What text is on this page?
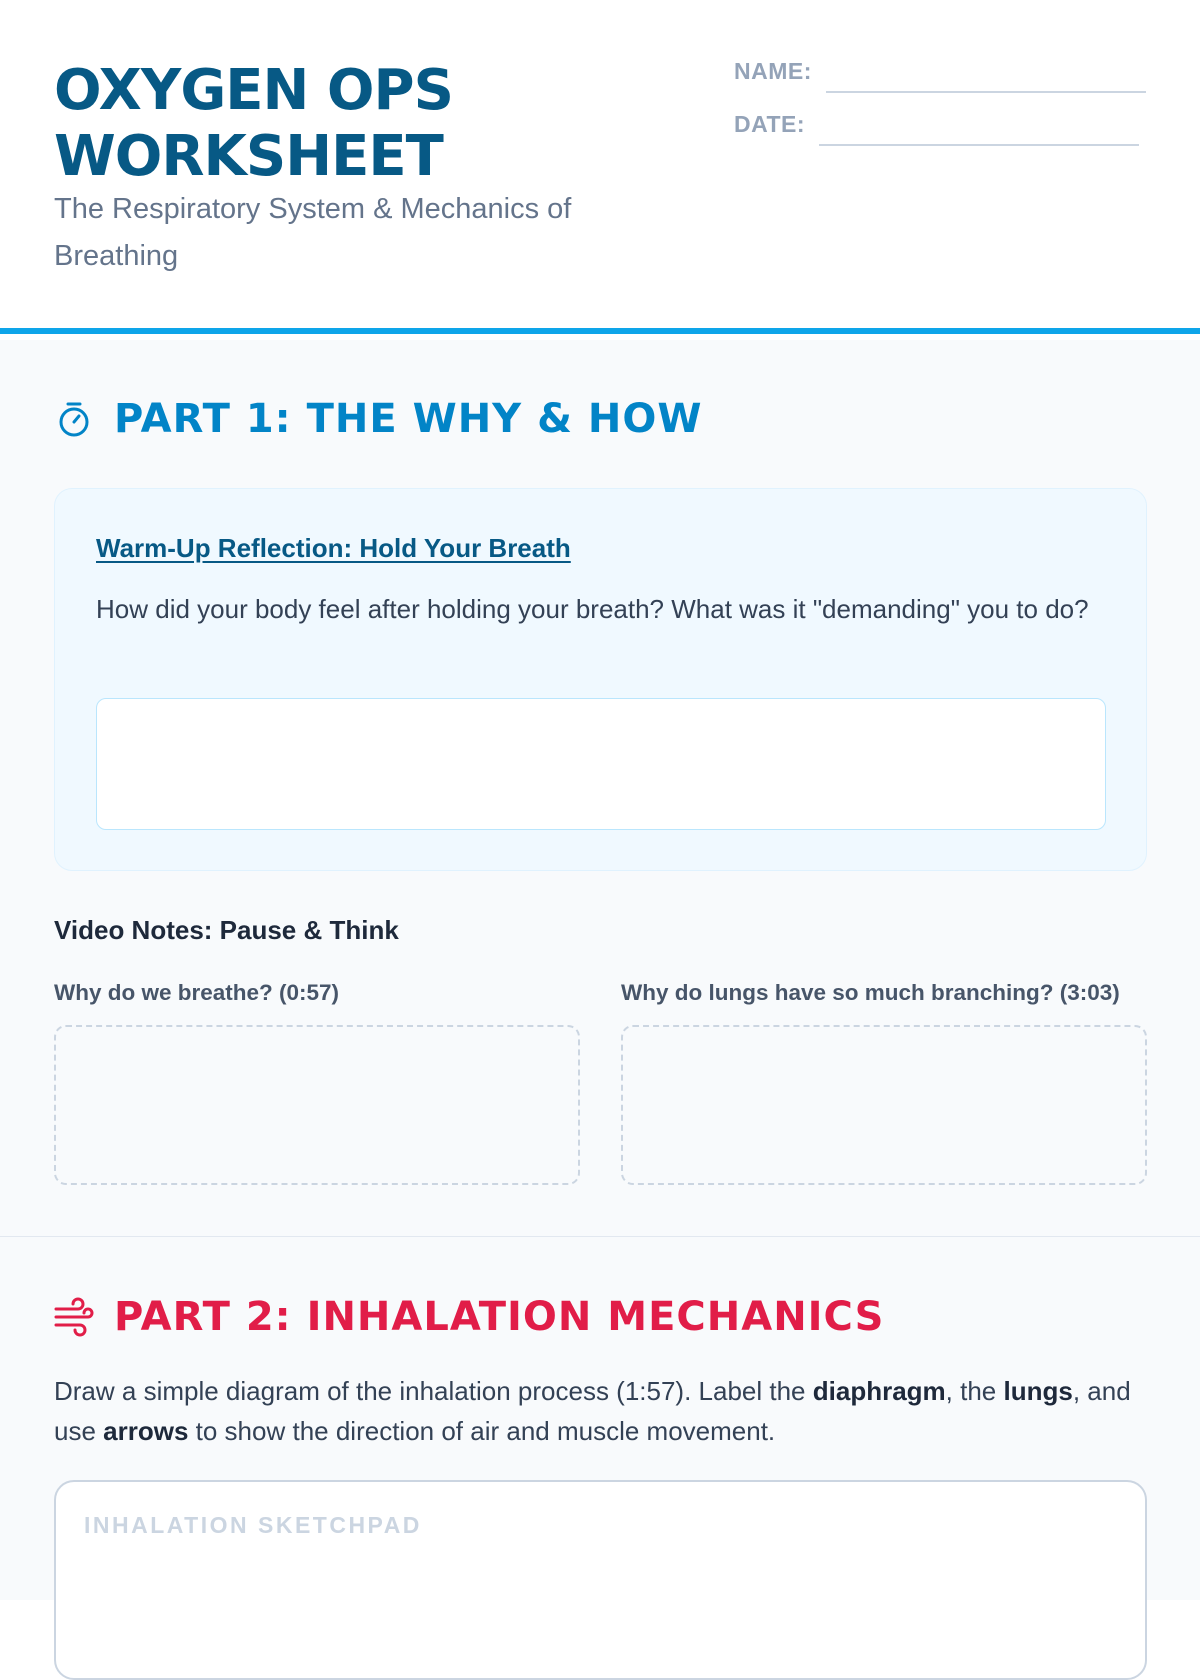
OXYGEN OPS WORKSHEET
The Respiratory System & Mechanics of Breathing
NAME:
DATE:
PART 1: THE WHY & HOW
Warm-Up Reflection: Hold Your Breath
How did your body feel after holding your breath? What was it "demanding" you to do?
Video Notes: Pause & Think
Why do we breathe? (0:57)	Why do lungs have so much branching? (3:03)
PART 2: INHALATION MECHANICS
Draw a simple diagram of the inhalation process (1:57). Label the diaphragm, the lungs, and use arrows to show the direction of air and muscle movement.
INHALATION SKETCHPAD
